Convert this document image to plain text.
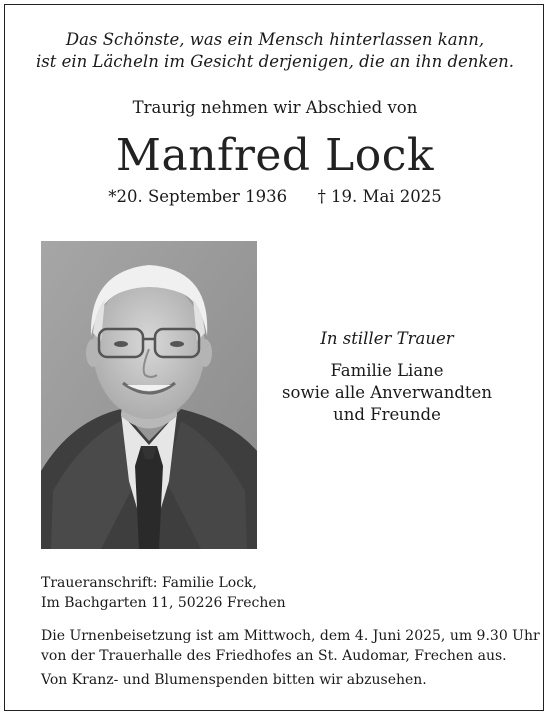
Das Schönste, was ein Mensch hinterlassen kann,
ist ein Lächeln im Gesicht derjenigen, die an ihn denken.
Traurig nehmen wir Abschied von
Manfred Lock
*20. September 1936 † 19. Mai 2025
In stiller Trauer
Familie Liane
sowie alle Anverwandten
und Freunde
Traueranschrift: Familie Lock,
Im Bachgarten 11, 50226 Frechen
Die Urnenbeisetzung ist am Mittwoch, dem 4. Juni 2025, um 9.30 Uhr
von der Trauerhalle des Friedhofes an St. Audomar, Frechen aus.
Von Kranz- und Blumenspenden bitten wir abzusehen.
